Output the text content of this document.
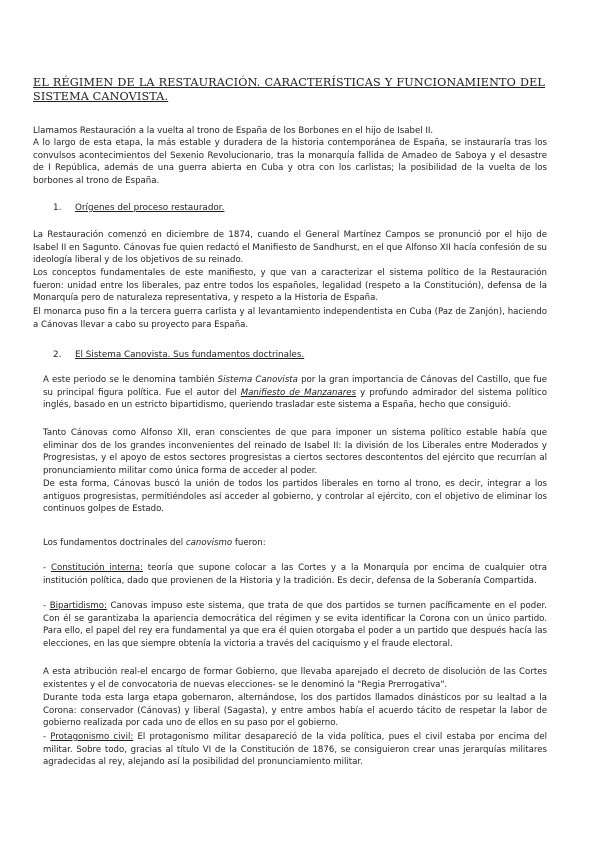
EL RÉGIMEN DE LA RESTAURACIÓN. CARACTERÍSTICAS Y FUNCIONAMIENTO DEL SISTEMA CANOVISTA.
Llamamos Restauración a la vuelta al trono de España de los Borbones en el hijo de Isabel II.
A lo largo de esta etapa, la más estable y duradera de la historia contemporánea de España, se instauraría tras los convulsos acontecimientos del Sexenio Revolucionario, tras la monarquía fallida de Amadeo de Saboya y el desastre de I República, además de una guerra abierta en Cuba y otra con los carlistas; la posibilidad de la vuelta de los borbones al trono de España.
1. Orígenes del proceso restaurador.
La Restauración comenzó en diciembre de 1874, cuando el General Martínez Campos se pronunció por el hijo de Isabel II en Sagunto. Cánovas fue quien redactó el Manifiesto de Sandhurst, en el que Alfonso XII hacía confesión de su ideología liberal y de los objetivos de su reinado.
Los conceptos fundamentales de este manifiesto, y que van a caracterizar el sistema político de la Restauración fueron: unidad entre los liberales, paz entre todos los españoles, legalidad (respeto a la Constitución), defensa de la Monarquía pero de naturaleza representativa, y respeto a la Historia de España.
El monarca puso fin a la tercera guerra carlista y al levantamiento independentista en Cuba (Paz de Zanjón), haciendo a Cánovas llevar a cabo su proyecto para España.
2. El Sistema Canovista. Sus fundamentos doctrinales.
A este periodo se le denomina también Sistema Canovista por la gran importancia de Cánovas del Castillo, que fue su principal figura política. Fue el autor del Manifiesto de Manzanares y profundo admirador del sistema político inglés, basado en un estricto bipartidismo, queriendo trasladar este sistema a España, hecho que consiguió.
Tanto Cánovas como Alfonso XII, eran conscientes de que para imponer un sistema político estable había que eliminar dos de los grandes inconvenientes del reinado de Isabel II: la división de los Liberales entre Moderados y Progresistas, y el apoyo de estos sectores progresistas a ciertos sectores descontentos del ejército que recurrían al pronunciamiento militar como única forma de acceder al poder.
De esta forma, Cánovas buscó la unión de todos los partidos liberales en torno al trono, es decir, integrar a los antiguos progresistas, permitiéndoles así acceder al gobierno, y controlar al ejército, con el objetivo de eliminar los continuos golpes de Estado.
Los fundamentos doctrinales del canovismo fueron:
- Constitución interna: teoría que supone colocar a las Cortes y a la Monarquía por encima de cualquier otra institución política, dado que provienen de la Historia y la tradición. Es decir, defensa de la Soberanía Compartida.
- Bipartidismo: Canovas impuso este sistema, que trata de que dos partidos se turnen pacíficamente en el poder. Con él se garantizaba la apariencia democrática del régimen y se evita identificar la Corona con un único partido. Para ello, el papel del rey era fundamental ya que era él quien otorgaba el poder a un partido que después hacía las elecciones, en las que siempre obtenía la victoria a través del caciquismo y el fraude electoral.
A esta atribución real-el encargo de formar Gobierno, que llevaba aparejado el decreto de disolución de las Cortes existentes y el de convocatoria de nuevas elecciones- se le denominó la "Regia Prerrogativa".
Durante toda esta larga etapa gobernaron, alternándose, los dos partidos llamados dinásticos por su lealtad a la Corona: conservador (Cánovas) y liberal (Sagasta), y entre ambos había el acuerdo tácito de respetar la labor de gobierno realizada por cada uno de ellos en su paso por el gobierno.
- Protagonismo civil: El protagonismo militar desapareció de la vida política, pues el civil estaba por encima del militar. Sobre todo, gracias al título VI de la Constitución de 1876, se consiguieron crear unas jerarquías militares agradecidas al rey, alejando así la posibilidad del pronunciamiento militar.
